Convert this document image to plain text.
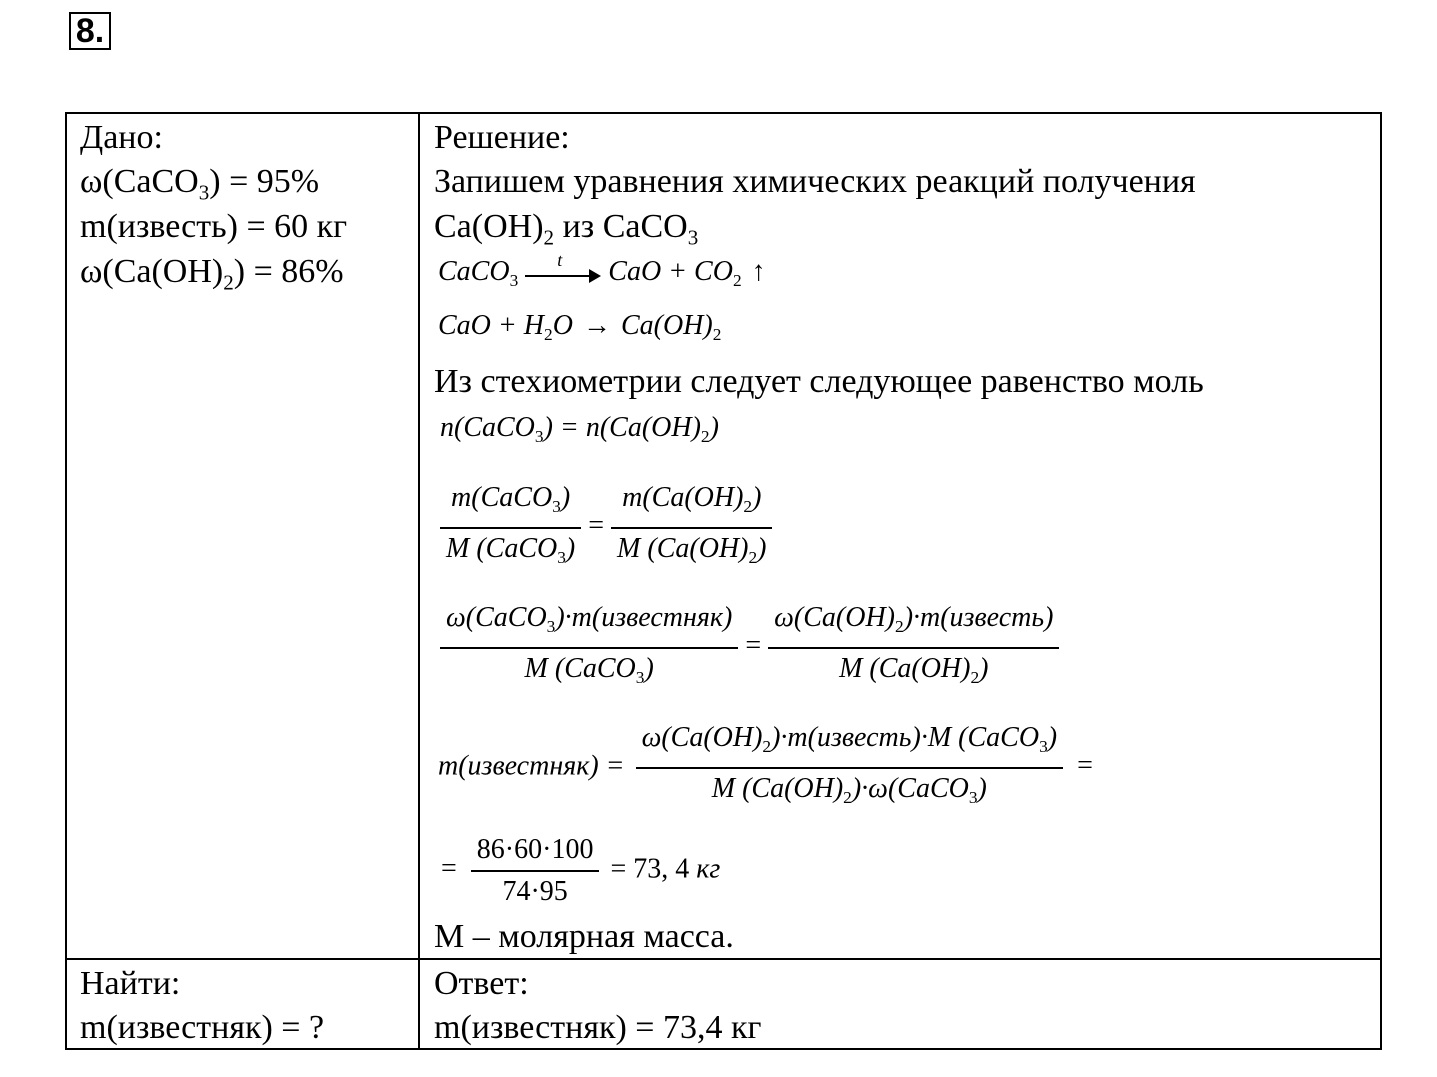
8.
Дано:
ω(CaCO$_3$) = 95%
m(известь) = 60 кг
$\omega(Ca(OH)_2) = 86\%$
Найти:
m(известняк) = ?
Решение:
Запишем уравнения химических реакций получения
$Ca(OH)_2$ из CaCO$_3$
CaCO$_3$
t CaO + $CO_2$ ↑
CaO + $H_2O \to Ca(OH)_2$
Из стехиометрии следует следующее равенство моль
n(CaCO$_3$) = $n(Ca(OH)_2)$
$\frac{m(CaCO_3)}{M (CaCO_3)} = \frac{m(Ca(OH)_2)}{M (Ca(OH)_2)}$
$\frac{\omega(CaCO_3)\cdot m(известняк)}{M (CaCO_3)} = \frac{\omega(Ca(OH)_2)\cdot m(известь)}{M (Ca(OH)_2)}$
m(известняк) = $\frac{\omega(Ca(OH)_2)\cdot m(известь)\cdot M (CaCO_3)}{M (Ca(OH)_2)\cdot\omega(CaCO_3)}$ =
= $\frac{86\cdot 60\cdot 100}{74\cdot 95} = 73$, 4 кг
M – молярная масса.
Ответ:
m(известняк) = 73,4 кг
